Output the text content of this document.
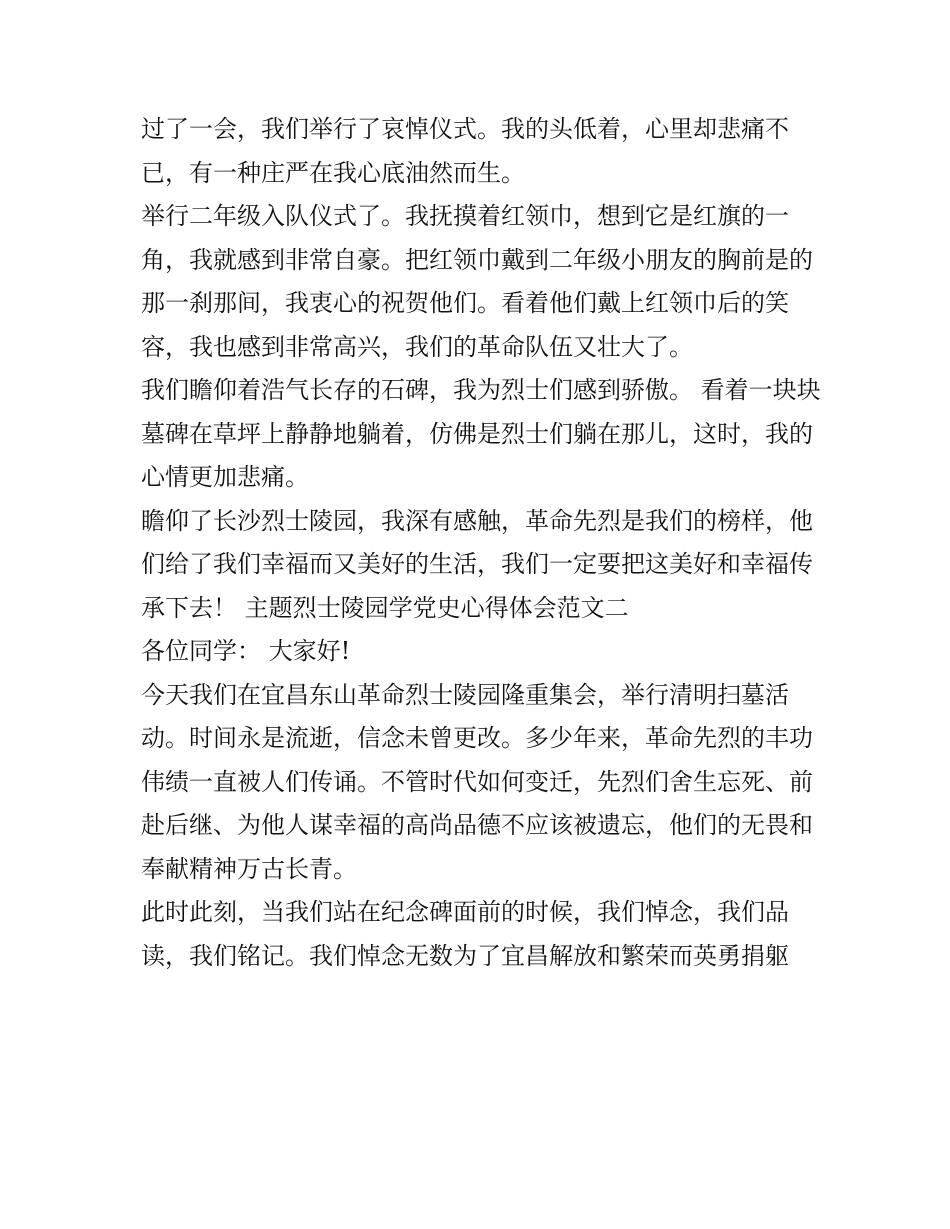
过了一会，我们举行了哀悼仪式。我的头低着，心里却悲痛不已，有一种庄严在我心底油然而生。

举行二年级入队仪式了。我抚摸着红领巾，想到它是红旗的一角，我就感到非常自豪。把红领巾戴到二年级小朋友的胸前是的那一刹那间，我衷心的祝贺他们。看着他们戴上红领巾后的笑容，我也感到非常高兴，我们的革命队伍又壮大了。

我们瞻仰着浩气长存的石碑，我为烈士们感到骄傲。 看着一块块墓碑在草坪上静静地躺着，仿佛是烈士们躺在那儿，这时，我的心情更加悲痛。

瞻仰了长沙烈士陵园，我深有感触，革命先烈是我们的榜样，他们给了我们幸福而又美好的生活，我们一定要把这美好和幸福传承下去！ 主题烈士陵园学党史心得体会范文二

各位同学： 大家好!

今天我们在宜昌东山革命烈士陵园隆重集会，举行清明扫墓活动。时间永是流逝，信念未曾更改。多少年来，革命先烈的丰功伟绩一直被人们传诵。不管时代如何变迁，先烈们舍生忘死、前赴后继、为他人谋幸福的高尚品德不应该被遗忘，他们的无畏和奉献精神万古长青。

此时此刻，当我们站在纪念碑面前的时候，我们悼念，我们品读，我们铭记。我们悼念无数为了宜昌解放和繁荣而英勇捐躯
